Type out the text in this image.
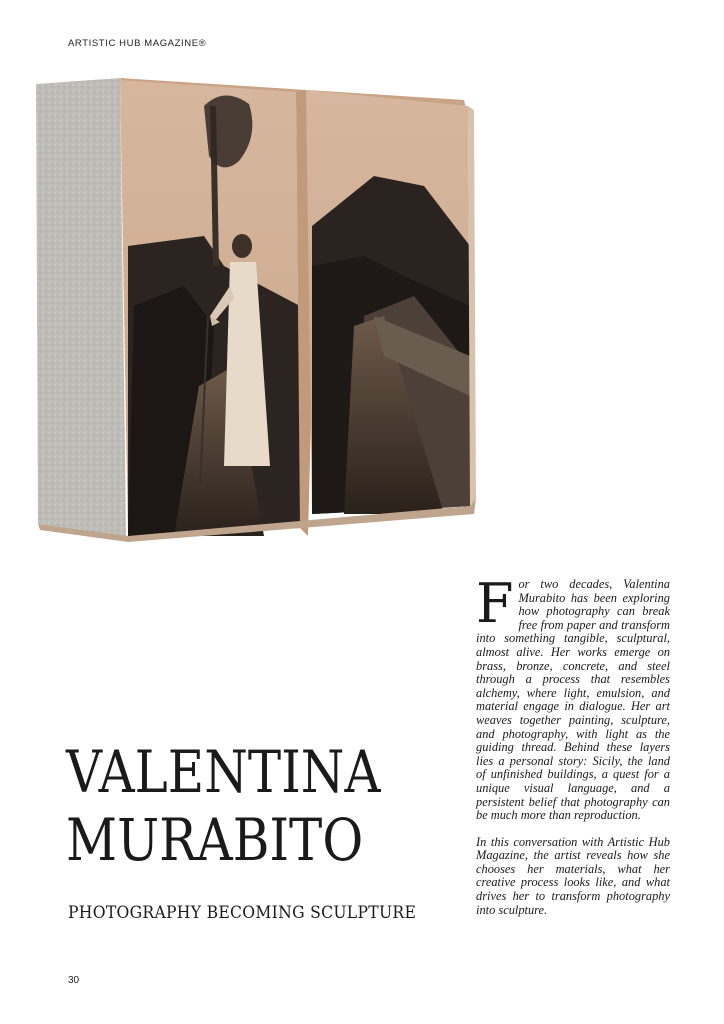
ARTISTIC HUB MAGAZINE®
VALENTINA
MURABITO
PHOTOGRAPHY BECOMING SCULPTURE

For two decades, Valentina Murabito has been exploring how photography can break free from paper and transform into something tangible, sculptural, almost alive. Her works emerge on brass, bronze, concrete, and steel through a process that resembles alchemy, where light, emulsion, and material engage in dialogue. Her art weaves together painting, sculpture, and photography, with light as the guiding thread. Behind these layers lies a personal story: Sicily, the land of unfinished buildings, a quest for a unique visual language, and a persistent belief that photography can be much more than reproduction.

In this conversation with Artistic Hub Magazine, the artist reveals how she chooses her materials, what her creative process looks like, and what drives her to transform photography into sculpture.

30
